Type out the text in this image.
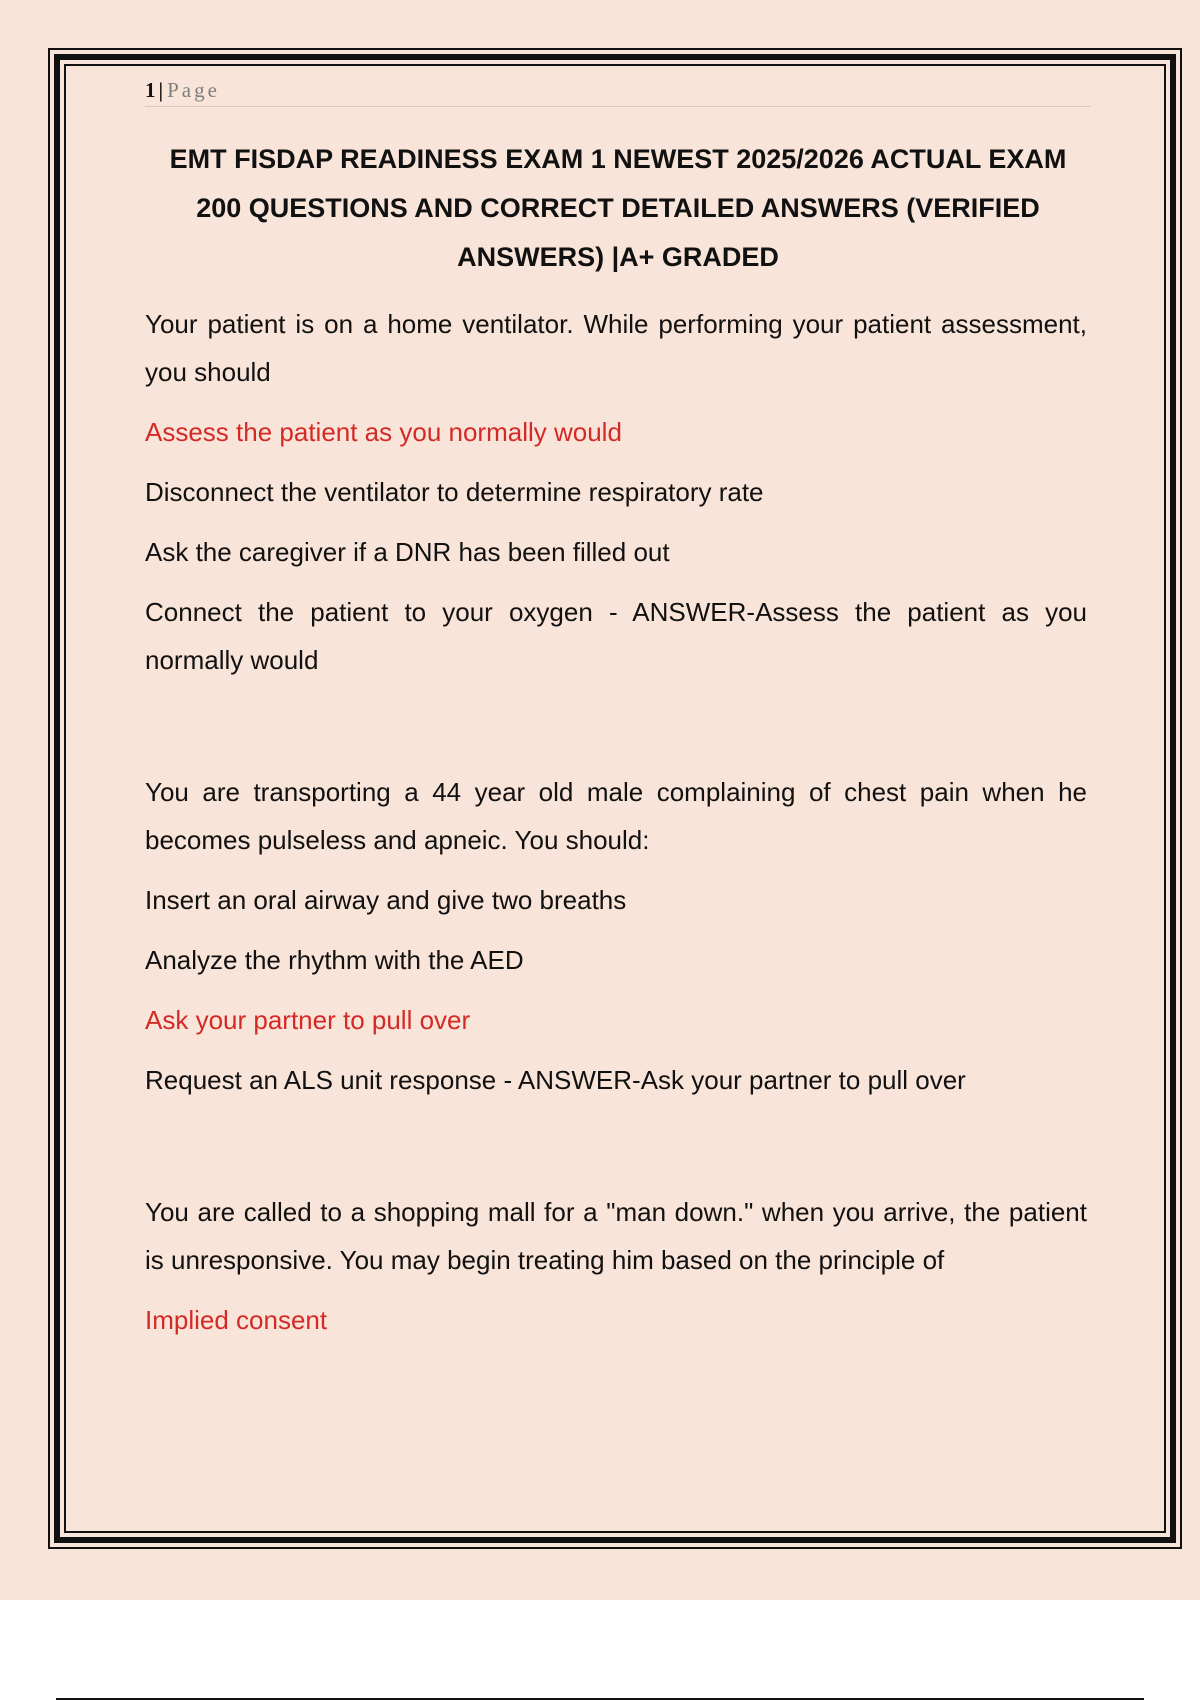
1| Page
EMT FISDAP READINESS EXAM 1 NEWEST 2025/2026 ACTUAL EXAM
200 QUESTIONS AND CORRECT DETAILED ANSWERS (VERIFIED
ANSWERS) |A+ GRADED

Your patient is on a home ventilator. While performing your patient assessment, you should

Assess the patient as you normally would

Disconnect the ventilator to determine respiratory rate

Ask the caregiver if a DNR has been filled out

Connect the patient to your oxygen - ANSWER-Assess the patient as you normally would

You are transporting a 44 year old male complaining of chest pain when he becomes pulseless and apneic. You should:

Insert an oral airway and give two breaths

Analyze the rhythm with the AED

Ask your partner to pull over

Request an ALS unit response - ANSWER-Ask your partner to pull over

You are called to a shopping mall for a "man down." when you arrive, the patient is unresponsive. You may begin treating him based on the principle of

Implied consent
